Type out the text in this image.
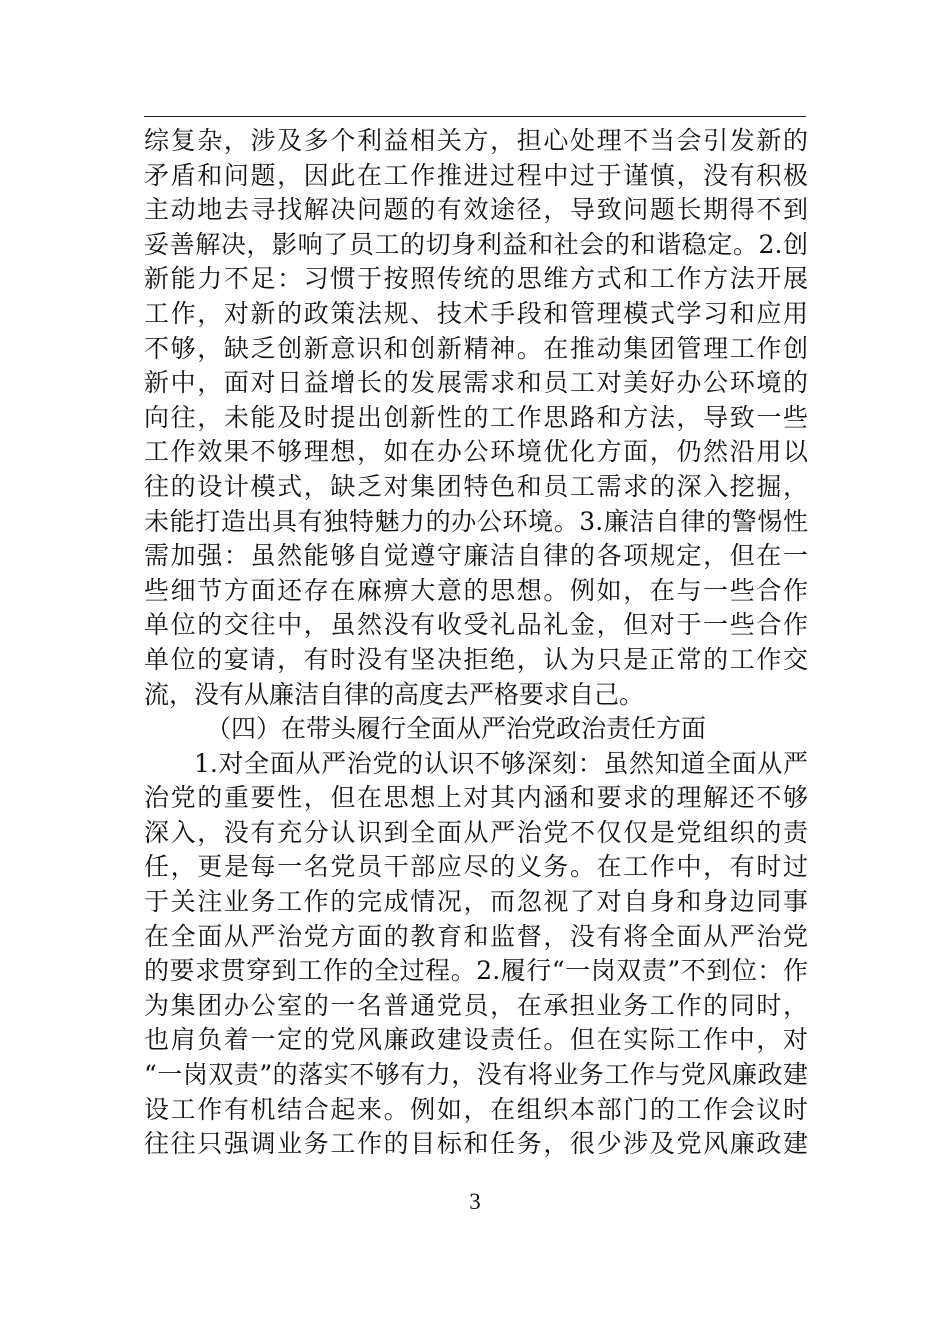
综复杂，涉及多个利益相关方，担心处理不当会引发新的
矛盾和问题，因此在工作推进过程中过于谨慎，没有积极
主动地去寻找解决问题的有效途径，导致问题长期得不到
妥善解决，影响了员工的切身利益和社会的和谐稳定。2.创
新能力不足：习惯于按照传统的思维方式和工作方法开展
工作，对新的政策法规、技术手段和管理模式学习和应用
不够，缺乏创新意识和创新精神。在推动集团管理工作创
新中，面对日益增长的发展需求和员工对美好办公环境的
向往，未能及时提出创新性的工作思路和方法，导致一些
工作效果不够理想，如在办公环境优化方面，仍然沿用以
往的设计模式，缺乏对集团特色和员工需求的深入挖掘，
未能打造出具有独特魅力的办公环境。3.廉洁自律的警惕性
需加强：虽然能够自觉遵守廉洁自律的各项规定，但在一
些细节方面还存在麻痹大意的思想。例如，在与一些合作
单位的交往中，虽然没有收受礼品礼金，但对于一些合作
单位的宴请，有时没有坚决拒绝，认为只是正常的工作交
流，没有从廉洁自律的高度去严格要求自己。
（四）在带头履行全面从严治党政治责任方面
1.对全面从严治党的认识不够深刻：虽然知道全面从严
治党的重要性，但在思想上对其内涵和要求的理解还不够
深入，没有充分认识到全面从严治党不仅仅是党组织的责
任，更是每一名党员干部应尽的义务。在工作中，有时过
于关注业务工作的完成情况，而忽视了对自身和身边同事
在全面从严治党方面的教育和监督，没有将全面从严治党
的要求贯穿到工作的全过程。2.履行“一岗双责”不到位：作
为集团办公室的一名普通党员，在承担业务工作的同时，
也肩负着一定的党风廉政建设责任。但在实际工作中，对
“一岗双责”的落实不够有力，没有将业务工作与党风廉政建
设工作有机结合起来。例如，在组织本部门的工作会议时
往往只强调业务工作的目标和任务，很少涉及党风廉政建
3
